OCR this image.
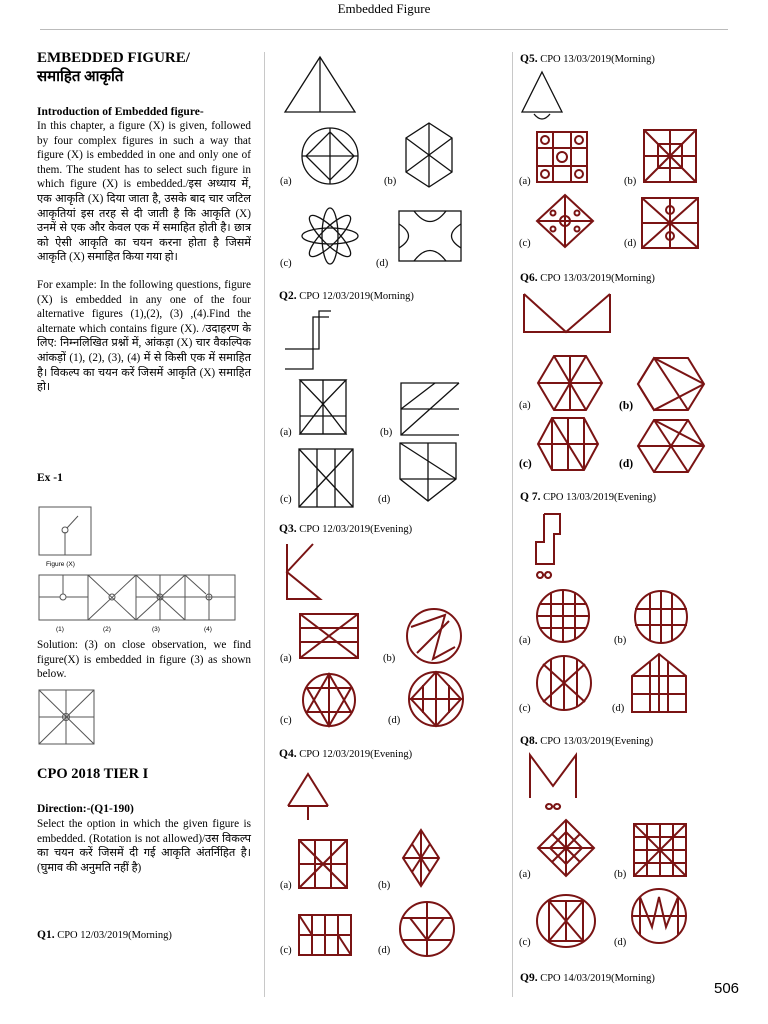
Embedded Figure

EMBEDDED FIGURE/

समाहित आकृति

Introduction of Embedded figure-

In this chapter, a figure (X) is given, followed by four complex figures in such a way that figure (X) is embedded in one and only one of them. The student has to select such figure in which figure (X) is embedded./इस अध्याय में, एक आकृति (X) दिया जाता है, उसके बाद चार जटिल आकृतियां इस तरह से दी जाती है कि आकृति (X) उनमें से एक और केवल एक में समाहित होती है। छात्र को ऐसी आकृति का चयन करना होता है जिसमें आकृति (X) समाहित किया गया हो।

For example: In the following questions, figure (X) is embedded in any one of the four alternative figures (1),(2), (3) ,(4).Find the alternate which contains figure (X). /उदाहरण के लिए: निम्नलिखित प्रश्नों में, आंकड़ा (X) चार वैकल्पिक आंकड़ों (1), (2), (3), (4) में से किसी एक में समाहित है। विकल्प का चयन करें जिसमें आकृति (X) समाहित हो।

Ex -1
Figure (X)
(1)	(2)	(3)	(4)
Solution: (3) on close observation, we find figure(X) is embedded in figure (3) as shown below.
CPO 2018 TIER I
Direction:-(Q1-190)
Select the option in which the given figure is embedded. (Rotation is not allowed)/उस विकल्प का चयन करें जिसमें दी गई आकृति अंतर्निहित है। (घुमाव की अनुमति नहीं है)
Q1. CPO 12/03/2019(Morning)
(a)	(b)
(c)	(d)
Q2. CPO 12/03/2019(Morning)
(a)	(b)
(c)	(d)
Q3. CPO 12/03/2019(Evening)
(a)	(b)
(c)	(d)
Q4. CPO 12/03/2019(Evening)
(a)	(b)
(c)	(d)
Q5. CPO 13/03/2019(Morning)
(a)	(b)
(c)	(d)
Q6. CPO 13/03/2019(Morning)
(a)	(b)
(c)	(d)
Q 7. CPO 13/03/2019(Evening)
(a)	(b)
(c)	(d)
Q8. CPO 13/03/2019(Evening)
(a)	(b)
(c)	(d)
Q9. CPO 14/03/2019(Morning)
506
